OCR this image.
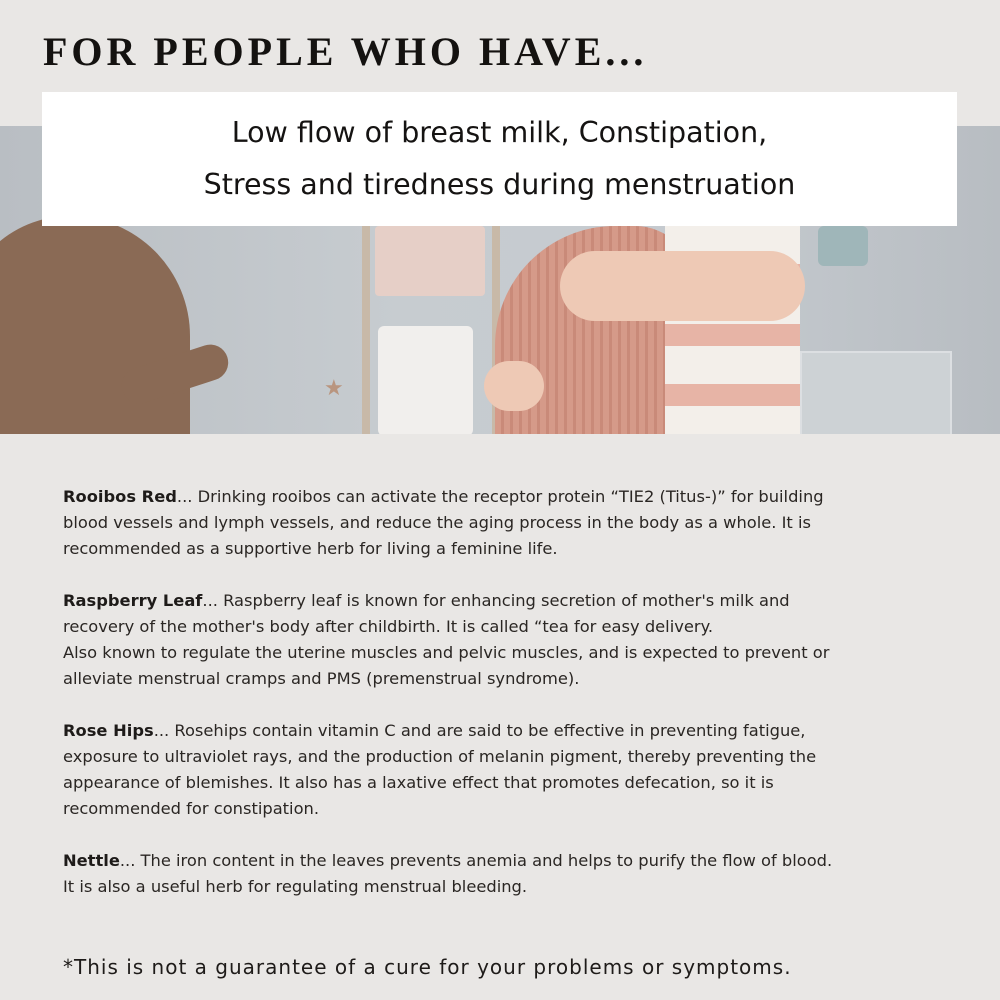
FOR PEOPLE WHO HAVE...
★
Low flow of breast milk, Constipation,
Stress and tiredness during menstruation
Rooibos Red... Drinking rooibos can activate the receptor protein “TIE2 (Titus-)” for building
blood vessels and lymph vessels, and reduce the aging process in the body as a whole. It is
recommended as a supportive herb for living a feminine life.
Raspberry Leaf... Raspberry leaf is known for enhancing secretion of mother's milk and
recovery of the mother's body after childbirth. It is called “tea for easy delivery.
Also known to regulate the uterine muscles and pelvic muscles, and is expected to prevent or
alleviate menstrual cramps and PMS (premenstrual syndrome).
Rose Hips... Rosehips contain vitamin C and are said to be effective in preventing fatigue,
exposure to ultraviolet rays, and the production of melanin pigment, thereby preventing the
appearance of blemishes. It also has a laxative effect that promotes defecation, so it is
recommended for constipation.
Nettle... The iron content in the leaves prevents anemia and helps to purify the flow of blood.
It is also a useful herb for regulating menstrual bleeding.
*This is not a guarantee of a cure for your problems or symptoms.
